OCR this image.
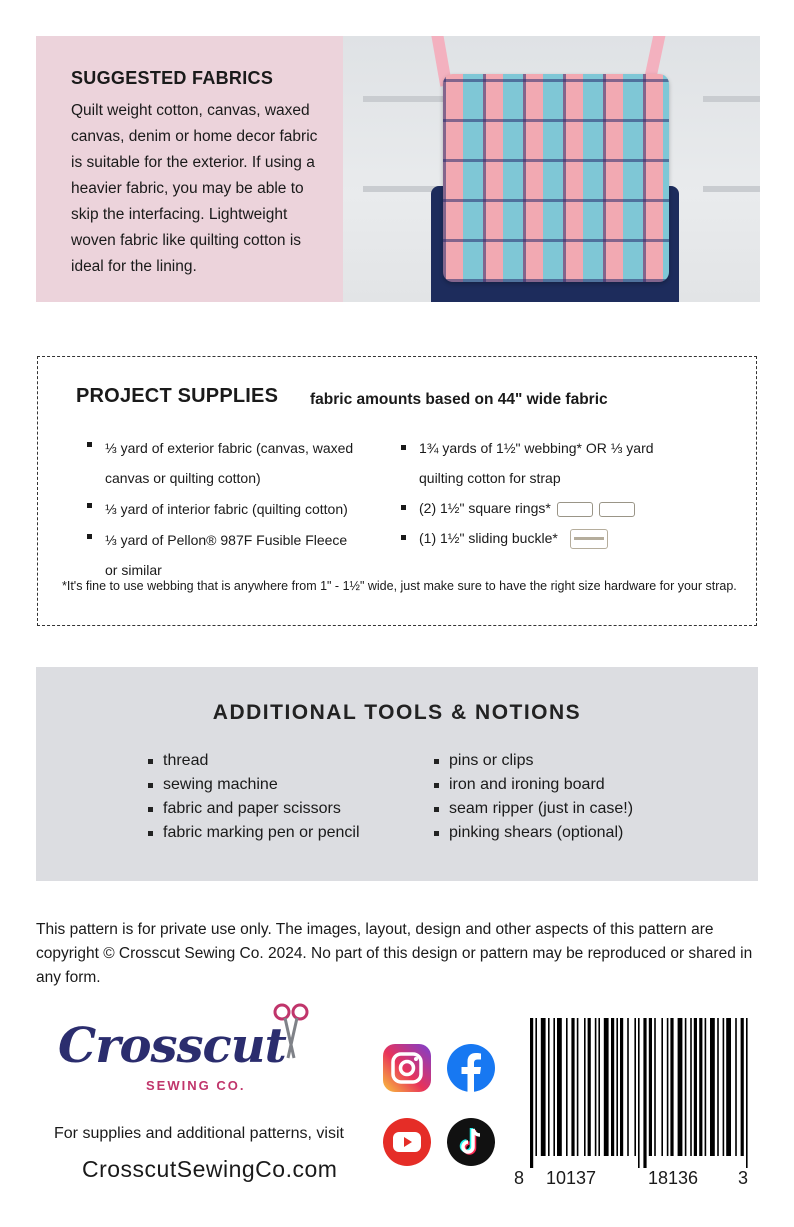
SUGGESTED FABRICS

Quilt weight cotton, canvas, waxed canvas, denim or home decor fabric is suitable for the exterior. If using a heavier fabric, you may be able to skip the interfacing. Lightweight woven fabric like quilting cotton is ideal for the lining.

PROJECT SUPPLIES fabric amounts based on 44" wide fabric
⅓ yard of exterior fabric (canvas, waxed canvas or quilting cotton)
⅓ yard of interior fabric (quilting cotton)
⅓ yard of Pellon® 987F Fusible Fleece or similar
1¾ yards of 1½" webbing* OR ⅓ yard quilting cotton for strap
(2) 1½" square rings*
(1) 1½" sliding buckle*
*It's fine to use webbing that is anywhere from 1" - 1½" wide, just make sure to have the right size hardware for your strap.
ADDITIONAL TOOLS & NOTIONS
thread
sewing machine
fabric and paper scissors
fabric marking pen or pencil
pins or clips
iron and ironing board
seam ripper (just in case!)
pinking shears (optional)
This pattern is for private use only. The images, layout, design and other aspects of this pattern are copyright © Crosscut Sewing Co. 2024. No part of this design or pattern may be reproduced or shared in any form.
Crosscut
SEWING CO.
For supplies and additional patterns, visit
CrosscutSewingCo.com	8 10137	18136 3
